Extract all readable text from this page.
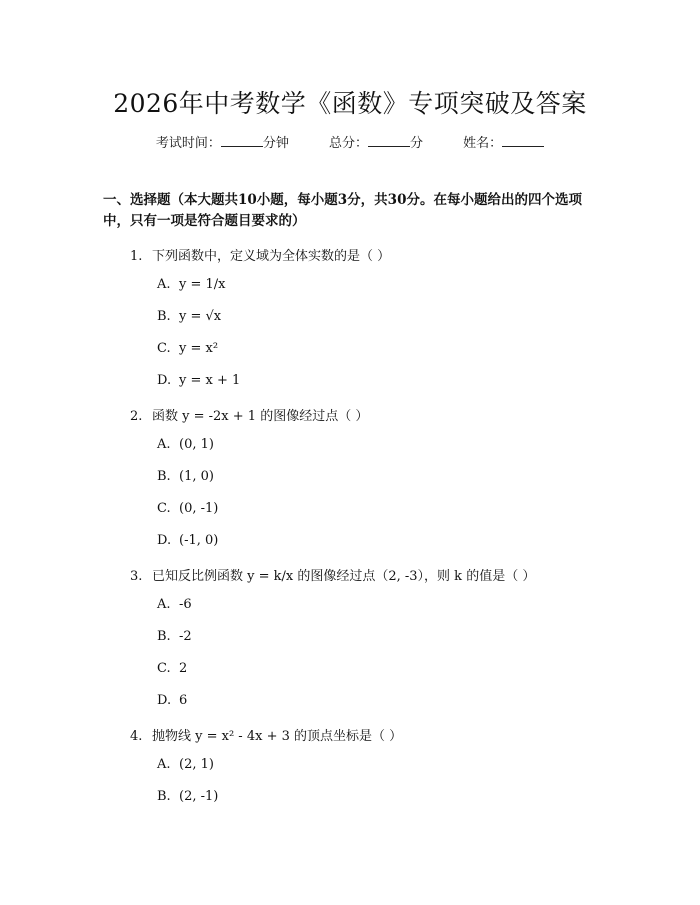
2026年中考数学《函数》专项突破及答案
考试时间：	分钟	总分：	分	姓名：
一、选择题（本大题共10小题，每小题3分，共30分。在每小题给出的四个选项中，只有一项是符合题目要求的）
1. 下列函数中，定义域为全体实数的是（ ）
A. y = 1/x
B. y = √x
C. y = x²
D. y = x + 1
2. 函数 y = -2x + 1 的图像经过点（ ）
A. (0, 1)
B. (1, 0)
C. (0, -1)
D. (-1, 0)
3. 已知反比例函数 y = k/x 的图像经过点（2, -3），则 k 的值是（ ）
A. -6
B. -2
C. 2
D. 6
4. 抛物线 y = x² - 4x + 3 的顶点坐标是（ ）
A. (2, 1)
B. (2, -1)
